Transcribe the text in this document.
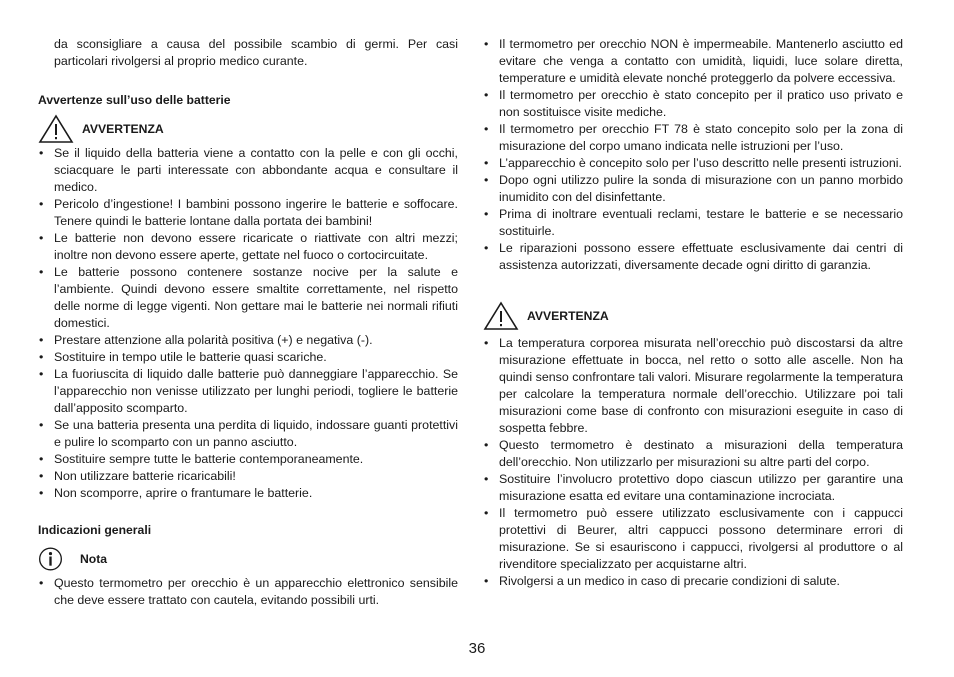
da sconsigliare a causa del possibile scambio di germi. Per casi particolari rivolgersi al proprio medico curante.

Avvertenze sull’uso delle batterie

AVVERTENZA
• Se il liquido della batteria viene a contatto con la pelle e con gli occhi, sciacquare le parti interessate con abbondante acqua e consultare il medico.
• Pericolo d’ingestione! I bambini possono ingerire le batterie e soffocare. Tenere quindi le batterie lontane dalla portata dei bambini!
• Le batterie non devono essere ricaricate o riattivate con altri mezzi; inoltre non devono essere aperte, gettate nel fuoco o cortocircuitate.
• Le batterie possono contenere sostanze nocive per la salute e l’ambiente. Quindi devono essere smaltite correttamente, nel rispetto delle norme di legge vigenti. Non gettare mai le batterie nei normali rifiuti domestici.
• Prestare attenzione alla polarità positiva (+) e negativa (-).
• Sostituire in tempo utile le batterie quasi scariche.
• La fuoriuscita di liquido dalle batterie può danneggiare l’apparecchio. Se l’apparecchio non venisse utilizzato per lunghi periodi, togliere le batterie dall’apposito scomparto.
• Se una batteria presenta una perdita di liquido, indossare guanti protettivi e pulire lo scomparto con un panno asciutto.
• Sostituire sempre tutte le batterie contemporaneamente.
• Non utilizzare batterie ricaricabili!
• Non scomporre, aprire o frantumare le batterie.

Indicazioni generali

Nota
• Questo termometro per orecchio è un apparecchio elettronico sensibile che deve essere trattato con cautela, evitando possibili urti.
• Il termometro per orecchio NON è impermeabile. Mantenerlo asciutto ed evitare che venga a contatto con umidità, liquidi, luce solare diretta, temperature e umidità elevate nonché proteggerlo da polvere eccessiva.
• Il termometro per orecchio è stato concepito per il pratico uso privato e non sostituisce visite mediche.
• Il termometro per orecchio FT 78 è stato concepito solo per la zona di misurazione del corpo umano indicata nelle istruzioni per l’uso.
• L’apparecchio è concepito solo per l’uso descritto nelle presenti istruzioni.
• Dopo ogni utilizzo pulire la sonda di misurazione con un panno morbido inumidito con del disinfettante.
• Prima di inoltrare eventuali reclami, testare le batterie e se necessario sostituirle.
• Le riparazioni possono essere effettuate esclusivamente dai centri di assistenza autorizzati, diversamente decade ogni diritto di garanzia.
AVVERTENZA
• La temperatura corporea misurata nell’orecchio può discostarsi da altre misurazione effettuate in bocca, nel retto o sotto alle ascelle. Non ha quindi senso confrontare tali valori. Misurare regolarmente la temperatura per calcolare la temperatura normale dell’orecchio. Utilizzare poi tali misurazioni come base di confronto con misurazioni eseguite in caso di sospetta febbre.
• Questo termometro è destinato a misurazioni della temperatura dell’orecchio. Non utilizzarlo per misurazioni su altre parti del corpo.
• Sostituire l’involucro protettivo dopo ciascun utilizzo per garantire una misurazione esatta ed evitare una contaminazione incrociata.
• Il termometro può essere utilizzato esclusivamente con i cappucci protettivi di Beurer, altri cappucci possono determinare errori di misurazione. Se si esauriscono i cappucci, rivolgersi al produttore o al rivenditore specializzato per acquistarne altri.
• Rivolgersi a un medico in caso di precarie condizioni di salute.
36
